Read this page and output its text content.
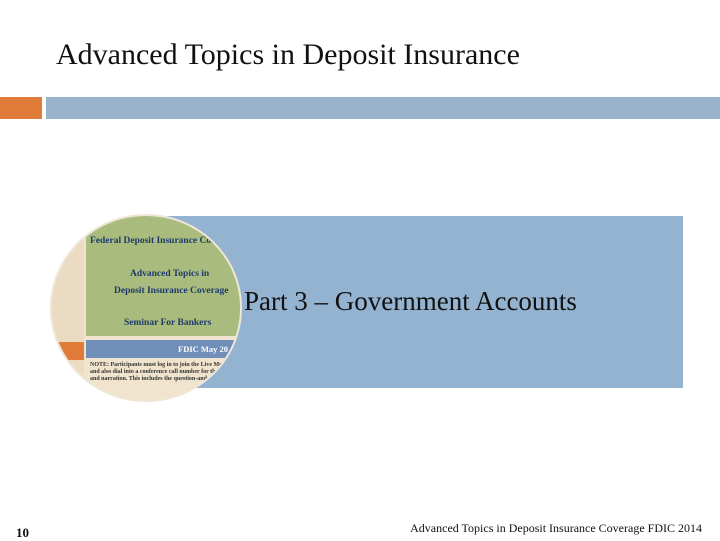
Advanced Topics in Deposit Insurance
Federal Deposit Insurance Corpo
Advanced Topics in
Deposit Insurance Coverage
Seminar For Bankers
FDIC May 20
NOTE: Participants must log in to join the Live Meeting and also dial into a conference call number for the audio and narration. This includes the question-and-answer
Part 3 – Government Accounts
10	Advanced Topics in Deposit Insurance Coverage FDIC 2014
